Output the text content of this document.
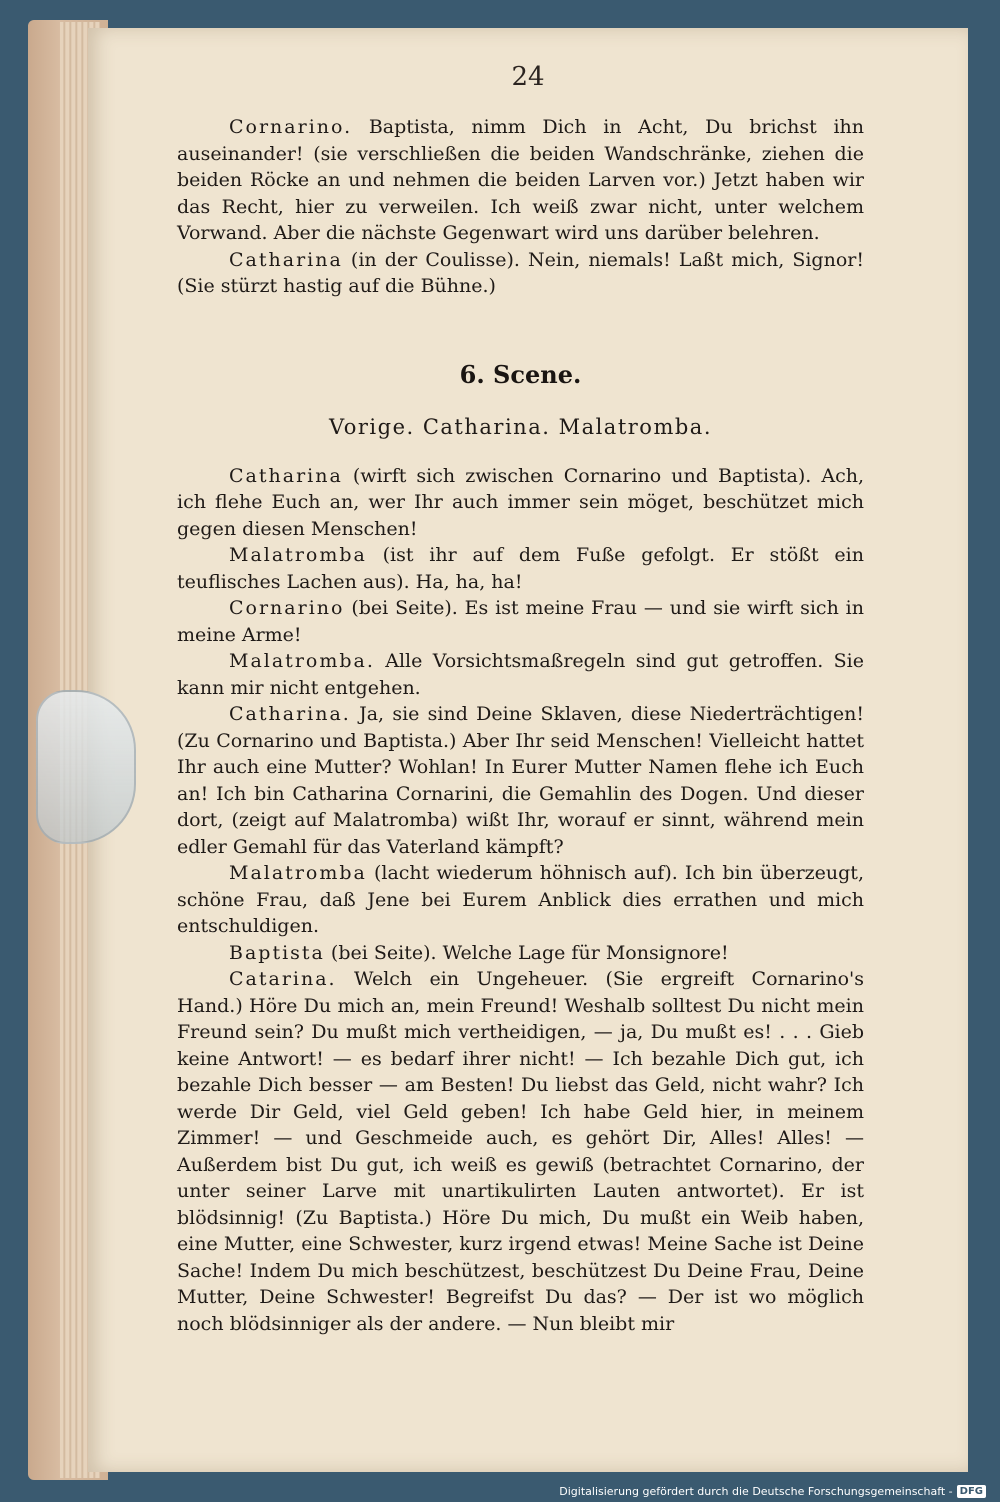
24

Cornarino. Baptista, nimm Dich in Acht, Du brichst ihn auseinander! (sie verschließen die beiden Wandschränke, ziehen die beiden Röcke an und nehmen die beiden Larven vor.) Jetzt haben wir das Recht, hier zu verweilen. Ich weiß zwar nicht, unter welchem Vorwand. Aber die nächste Gegenwart wird uns darüber belehren.

Catharina (in der Coulisse). Nein, niemals! Laßt mich, Signor! (Sie stürzt hastig auf die Bühne.)

6. Scene.
Vorige. Catharina. Malatromba.

Catharina (wirft sich zwischen Cornarino und Baptista). Ach, ich flehe Euch an, wer Ihr auch immer sein möget, beschützet mich gegen diesen Menschen!

Malatromba (ist ihr auf dem Fuße gefolgt. Er stößt ein teuflisches Lachen aus). Ha, ha, ha!

Cornarino (bei Seite). Es ist meine Frau — und sie wirft sich in meine Arme!

Malatromba. Alle Vorsichtsmaßregeln sind gut getroffen. Sie kann mir nicht entgehen.

Catharina. Ja, sie sind Deine Sklaven, diese Niederträchtigen! (Zu Cornarino und Baptista.) Aber Ihr seid Menschen! Vielleicht hattet Ihr auch eine Mutter? Wohlan! In Eurer Mutter Namen flehe ich Euch an! Ich bin Catharina Cornarini, die Gemahlin des Dogen. Und dieser dort, (zeigt auf Malatromba) wißt Ihr, worauf er sinnt, während mein edler Gemahl für das Vaterland kämpft?

Malatromba (lacht wiederum höhnisch auf). Ich bin überzeugt, schöne Frau, daß Jene bei Eurem Anblick dies errathen und mich entschuldigen.

Baptista (bei Seite). Welche Lage für Monsignore!

Catarina. Welch ein Ungeheuer. (Sie ergreift Cornarino's Hand.) Höre Du mich an, mein Freund! Weshalb solltest Du nicht mein Freund sein? Du mußt mich vertheidigen, — ja, Du mußt es! . . . Gieb keine Antwort! — es bedarf ihrer nicht! — Ich bezahle Dich gut, ich bezahle Dich besser — am Besten! Du liebst das Geld, nicht wahr? Ich werde Dir Geld, viel Geld geben! Ich habe Geld hier, in meinem Zimmer! — und Geschmeide auch, es gehört Dir, Alles! Alles! — Außerdem bist Du gut, ich weiß es gewiß (betrachtet Cornarino, der unter seiner Larve mit unartikulirten Lauten antwortet). Er ist blödsinnig! (Zu Baptista.) Höre Du mich, Du mußt ein Weib haben, eine Mutter, eine Schwester, kurz irgend etwas! Meine Sache ist Deine Sache! Indem Du mich beschützest, beschützest Du Deine Frau, Deine Mutter, Deine Schwester! Begreifst Du das? — Der ist wo möglich noch blödsinniger als der andere. — Nun bleibt mir

Digitalisierung gefördert durch die Deutsche Forschungsgemeinschaft - DFG
